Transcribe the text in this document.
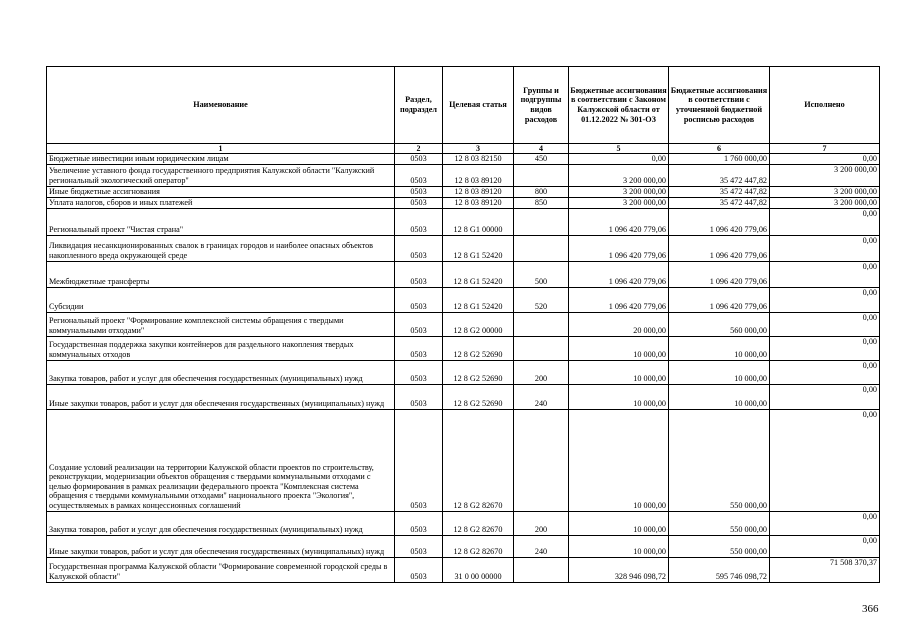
Наименование	Раздел, подраздел	Целевая статья	Группы и подгруппы видов расходов	Бюджетные ассигнования в соответствии с Законом Калужской области от 01.12.2022 № 301-ОЗ	Бюджетные ассигнования в соответствии с уточненной бюджетной росписью расходов	Исполнено
1	2	3	4	5	6	7
Бюджетные инвестиции иным юридическим лицам	0503	12 8 03 82150	450	0,00	1 760 000,00	0,00
Увеличение уставного фонда государственного предприятия Калужской области "Калужский региональный экологический оператор"	0503	12 8 03 89120		3 200 000,00	35 472 447,82	3 200 000,00
Иные бюджетные ассигнования	0503	12 8 03 89120	800	3 200 000,00	35 472 447,82	3 200 000,00
Уплата налогов, сборов и иных платежей	0503	12 8 03 89120	850	3 200 000,00	35 472 447,82	3 200 000,00
Региональный проект "Чистая страна"	0503	12 8 G1 00000		1 096 420 779,06	1 096 420 779,06	0,00
Ликвидация несанкционированных свалок в границах городов и наиболее опасных объектов накопленного вреда окружающей среде	0503	12 8 G1 52420		1 096 420 779,06	1 096 420 779,06	0,00
Межбюджетные трансферты	0503	12 8 G1 52420	500	1 096 420 779,06	1 096 420 779,06	0,00
Субсидии	0503	12 8 G1 52420	520	1 096 420 779,06	1 096 420 779,06	0,00
Региональный проект "Формирование комплексной системы обращения с твердыми коммунальными отходами"	0503	12 8 G2 00000		20 000,00	560 000,00	0,00
Государственная поддержка закупки контейнеров для раздельного накопления твердых коммунальных отходов	0503	12 8 G2 52690		10 000,00	10 000,00	0,00
Закупка товаров, работ и услуг для обеспечения государственных (муниципальных) нужд	0503	12 8 G2 52690	200	10 000,00	10 000,00	0,00
Иные закупки товаров, работ и услуг для обеспечения государственных (муниципальных) нужд	0503	12 8 G2 52690	240	10 000,00	10 000,00	0,00
Создание условий реализации на территории Калужской области проектов по строительству, реконструкции, модернизации объектов обращения с твердыми коммунальными отходами с целью формирования в рамках реализации федерального проекта "Комплексная система обращения с твердыми коммунальными отходами" национального проекта "Экология", осуществляемых в рамках концессионных соглашений	0503	12 8 G2 82670		10 000,00	550 000,00	0,00
Закупка товаров, работ и услуг для обеспечения государственных (муниципальных) нужд	0503	12 8 G2 82670	200	10 000,00	550 000,00	0,00
Иные закупки товаров, работ и услуг для обеспечения государственных (муниципальных) нужд	0503	12 8 G2 82670	240	10 000,00	550 000,00	0,00
Государственная программа Калужской области "Формирование современной городской среды в Калужской области"	0503	31 0 00 00000		328 946 098,72	595 746 098,72	71 508 370,37
366
